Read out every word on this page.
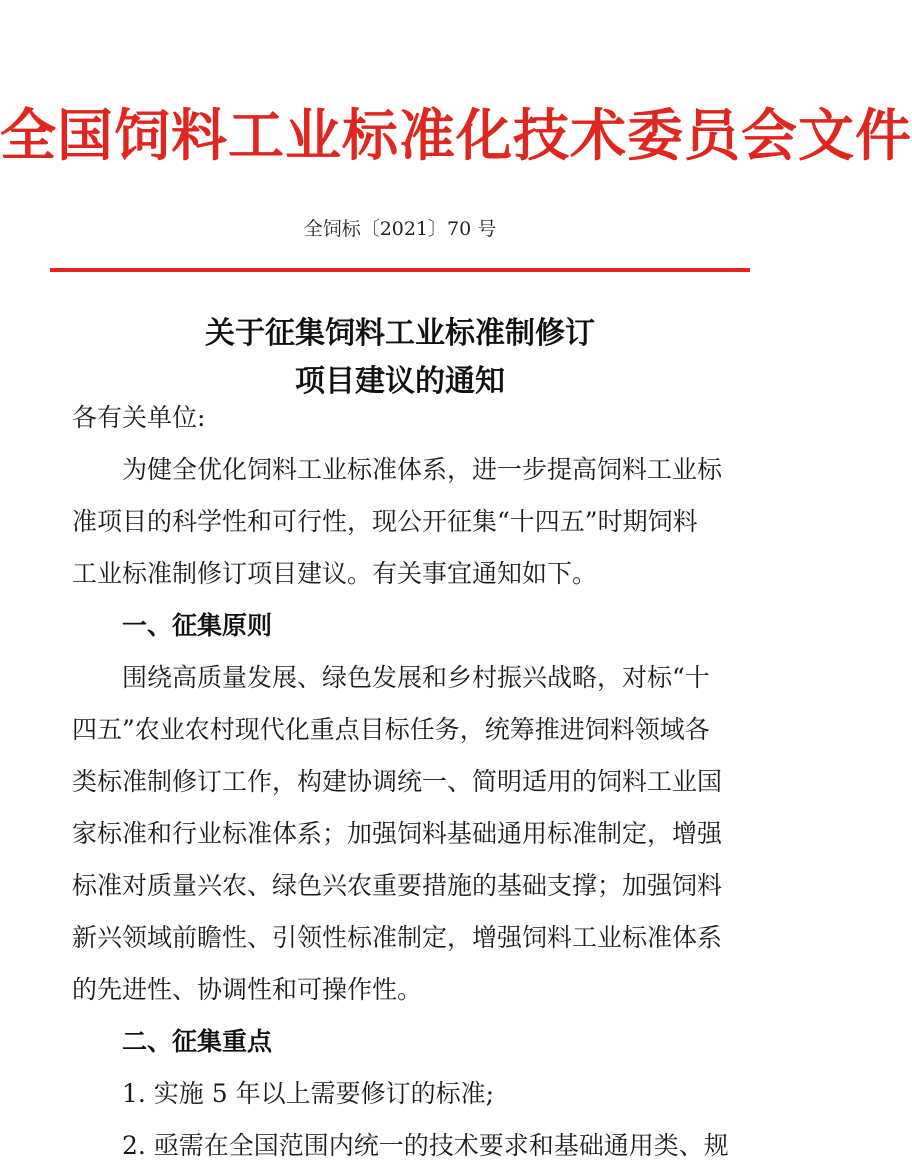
全国饲料工业标准化技术委员会文件
全饲标〔2021〕70 号
关于征集饲料工业标准制修订
项目建议的通知
各有关单位:
为健全优化饲料工业标准体系，进一步提高饲料工业标
准项目的科学性和可行性，现公开征集“十四五”时期饲料
工业标准制修订项目建议。有关事宜通知如下。
一、征集原则
围绕高质量发展、绿色发展和乡村振兴战略，对标“十
四五”农业农村现代化重点目标任务，统筹推进饲料领域各
类标准制修订工作，构建协调统一、简明适用的饲料工业国
家标准和行业标准体系；加强饲料基础通用标准制定，增强
标准对质量兴农、绿色兴农重要措施的基础支撑；加强饲料
新兴领域前瞻性、引领性标准制定，增强饲料工业标准体系
的先进性、协调性和可操作性。
二、征集重点
1. 实施 5 年以上需要修订的标准;
2. 亟需在全国范围内统一的技术要求和基础通用类、规
